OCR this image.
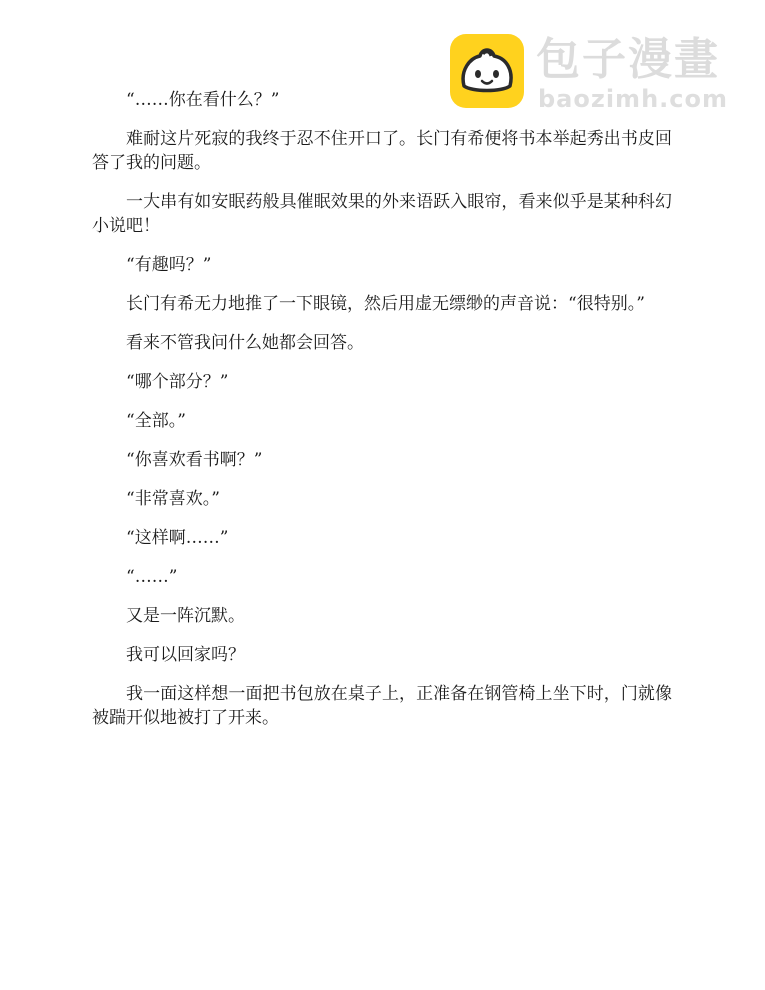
包子漫畫
baozimh.com

“……你在看什么？”

难耐这片死寂的我终于忍不住开口了。长门有希便将书本举起秀出书皮回答了我的问题。

一大串有如安眠药般具催眠效果的外来语跃入眼帘，看来似乎是某种科幻小说吧！

“有趣吗？”

长门有希无力地推了一下眼镜，然后用虚无缥缈的声音说：“很特别。”

看来不管我问什么她都会回答。

“哪个部分？”

“全部。”

“你喜欢看书啊？”

“非常喜欢。”

“这样啊……”

“……”

又是一阵沉默。

我可以回家吗？

我一面这样想一面把书包放在桌子上，正准备在钢管椅上坐下时，门就像被踹开似地被打了开来。
